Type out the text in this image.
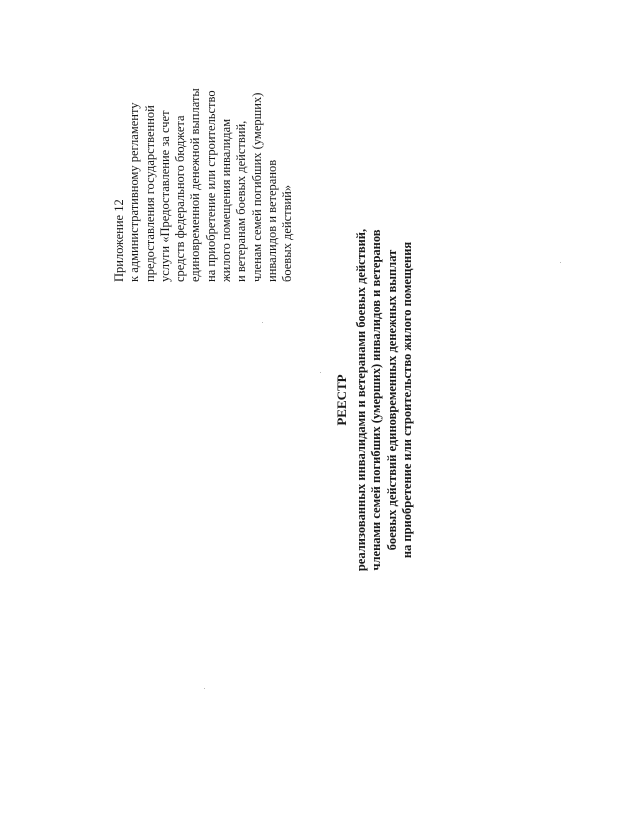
Приложение 12 к административному регламенту предоставления государственной услуги «Предоставление за счет средств федерального бюджета единовременной денежной выплаты на приобретение или строительство жилого помещения инвалидам и ветеранам боевых действий, членам семей погибших (умерших) инвалидов и ветеранов боевых действий»
РЕЕСТР реализованных инвалидами и ветеранами боевых действий, членами семей погибших (умерших) инвалидов и ветеранов боевых действий единовременных денежных выплат на приобретение или строительство жилого помещения
